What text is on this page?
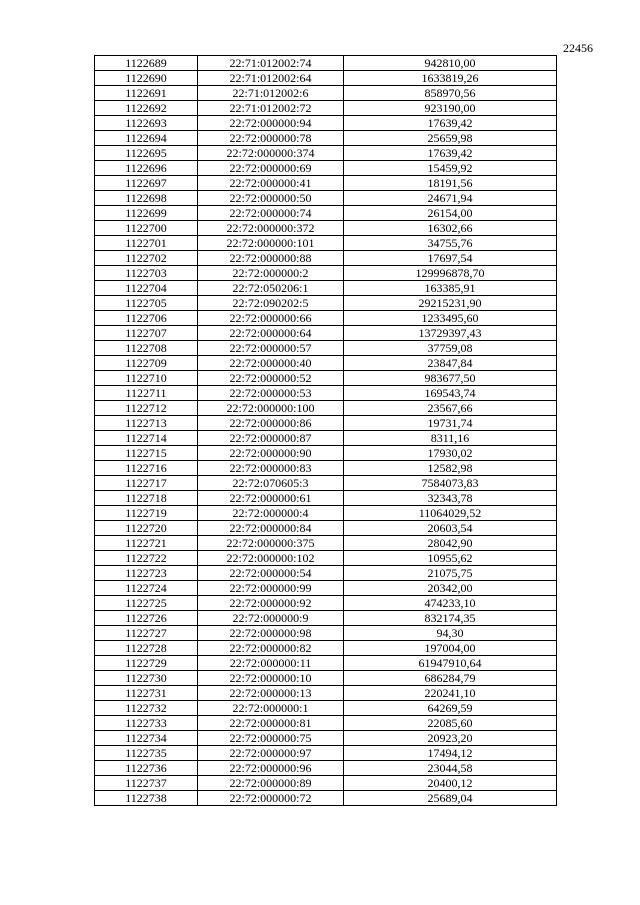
22456
1122689	22:71:012002:74	942810,00
1122690	22:71:012002:64	1633819,26
1122691	22:71:012002:6	858970,56
1122692	22:71:012002:72	923190,00
1122693	22:72:000000:94	17639,42
1122694	22:72:000000:78	25659,98
1122695	22:72:000000:374	17639,42
1122696	22:72:000000:69	15459,92
1122697	22:72:000000:41	18191,56
1122698	22:72:000000:50	24671,94
1122699	22:72:000000:74	26154,00
1122700	22:72:000000:372	16302,66
1122701	22:72:000000:101	34755,76
1122702	22:72:000000:88	17697,54
1122703	22:72:000000:2	129996878,70
1122704	22:72:050206:1	163385,91
1122705	22:72:090202:5	29215231,90
1122706	22:72:000000:66	1233495,60
1122707	22:72:000000:64	13729397,43
1122708	22:72:000000:57	37759,08
1122709	22:72:000000:40	23847,84
1122710	22:72:000000:52	983677,50
1122711	22:72:000000:53	169543,74
1122712	22:72:000000:100	23567,66
1122713	22:72:000000:86	19731,74
1122714	22:72:000000:87	8311,16
1122715	22:72:000000:90	17930,02
1122716	22:72:000000:83	12582,98
1122717	22:72:070605:3	7584073,83
1122718	22:72:000000:61	32343,78
1122719	22:72:000000:4	11064029,52
1122720	22:72:000000:84	20603,54
1122721	22:72:000000:375	28042,90
1122722	22:72:000000:102	10955,62
1122723	22:72:000000:54	21075,75
1122724	22:72:000000:99	20342,00
1122725	22:72:000000:92	474233,10
1122726	22:72:000000:9	832174,35
1122727	22:72:000000:98	94,30
1122728	22:72:000000:82	197004,00
1122729	22:72:000000:11	61947910,64
1122730	22:72:000000:10	686284,79
1122731	22:72:000000:13	220241,10
1122732	22:72:000000:1	64269,59
1122733	22:72:000000:81	22085,60
1122734	22:72:000000:75	20923,20
1122735	22:72:000000:97	17494,12
1122736	22:72:000000:96	23044,58
1122737	22:72:000000:89	20400,12
1122738	22:72:000000:72	25689,04
